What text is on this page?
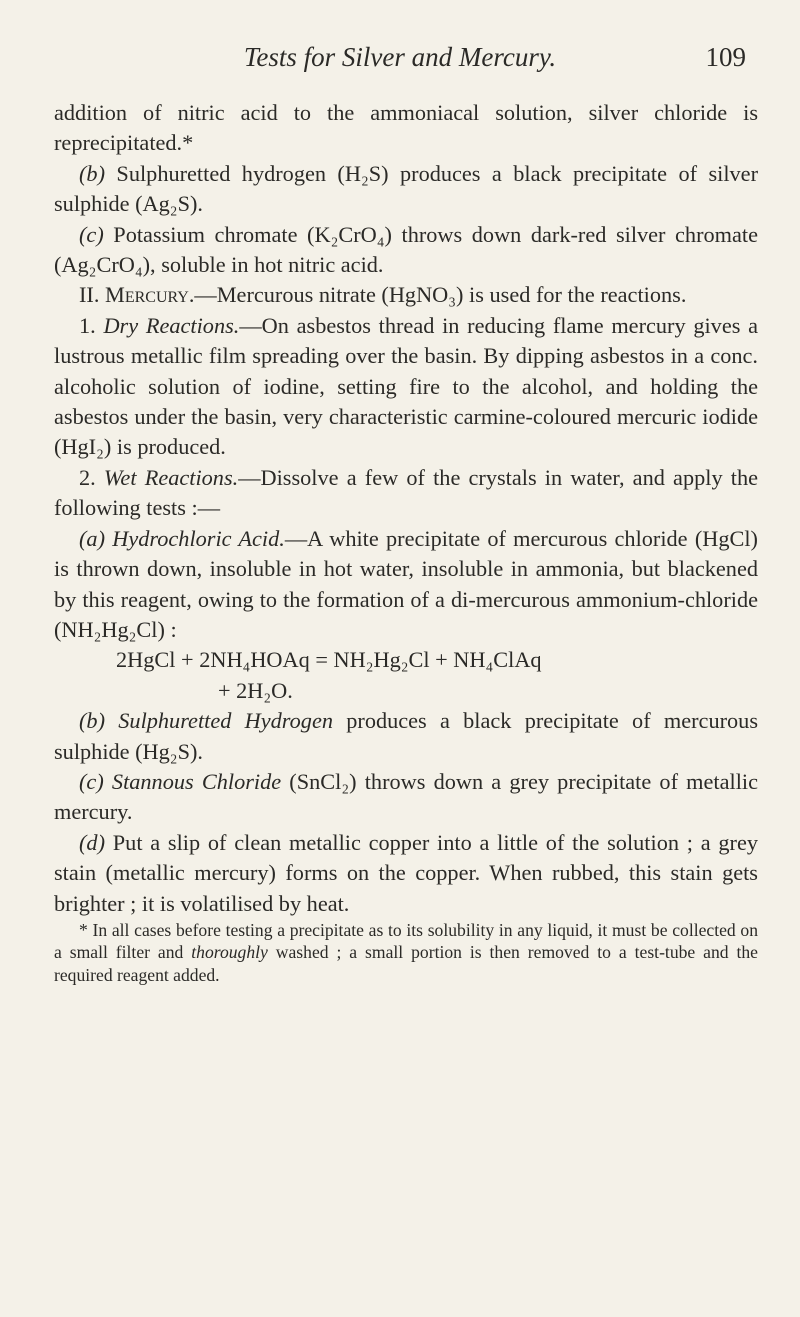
Tests for Silver and Mercury.	109

addition of nitric acid to the ammoniacal solution, silver chloride is reprecipitated.*

(b) Sulphuretted hydrogen (H₂S) produces a black precipitate of silver sulphide (Ag₂S).

(c) Potassium chromate (K₂CrO₄) throws down dark-red silver chromate (Ag₂CrO₄), soluble in hot nitric acid.

II. Mercury.—Mercurous nitrate (HgNO₃) is used for the reactions.

1. Dry Reactions.—On asbestos thread in reducing flame mercury gives a lustrous metallic film spreading over the basin. By dipping asbestos in a conc. alcoholic solution of iodine, setting fire to the alcohol, and holding the asbestos under the basin, very characteristic carmine-coloured mercuric iodide (HgI₂) is produced.

2. Wet Reactions.—Dissolve a few of the crystals in water, and apply the following tests :—

(a) Hydrochloric Acid.—A white precipitate of mercurous chloride (HgCl) is thrown down, insoluble in hot water, insoluble in ammonia, but blackened by this reagent, owing to the formation of a di-mercurous ammonium-chloride (NH₂Hg₂Cl) :

2HgCl + 2NH₄HOAq = NH₂Hg₂Cl + NH₄ClAq

+ 2H₂O.

(b) Sulphuretted Hydrogen produces a black precipitate of mercurous sulphide (Hg₂S).

(c) Stannous Chloride (SnCl₂) throws down a grey precipitate of metallic mercury.

(d) Put a slip of clean metallic copper into a little of the solution ; a grey stain (metallic mercury) forms on the copper. When rubbed, this stain gets brighter ; it is volatilised by heat.

* In all cases before testing a precipitate as to its solubility in any liquid, it must be collected on a small filter and thoroughly washed ; a small portion is then removed to a test-tube and the required reagent added.
